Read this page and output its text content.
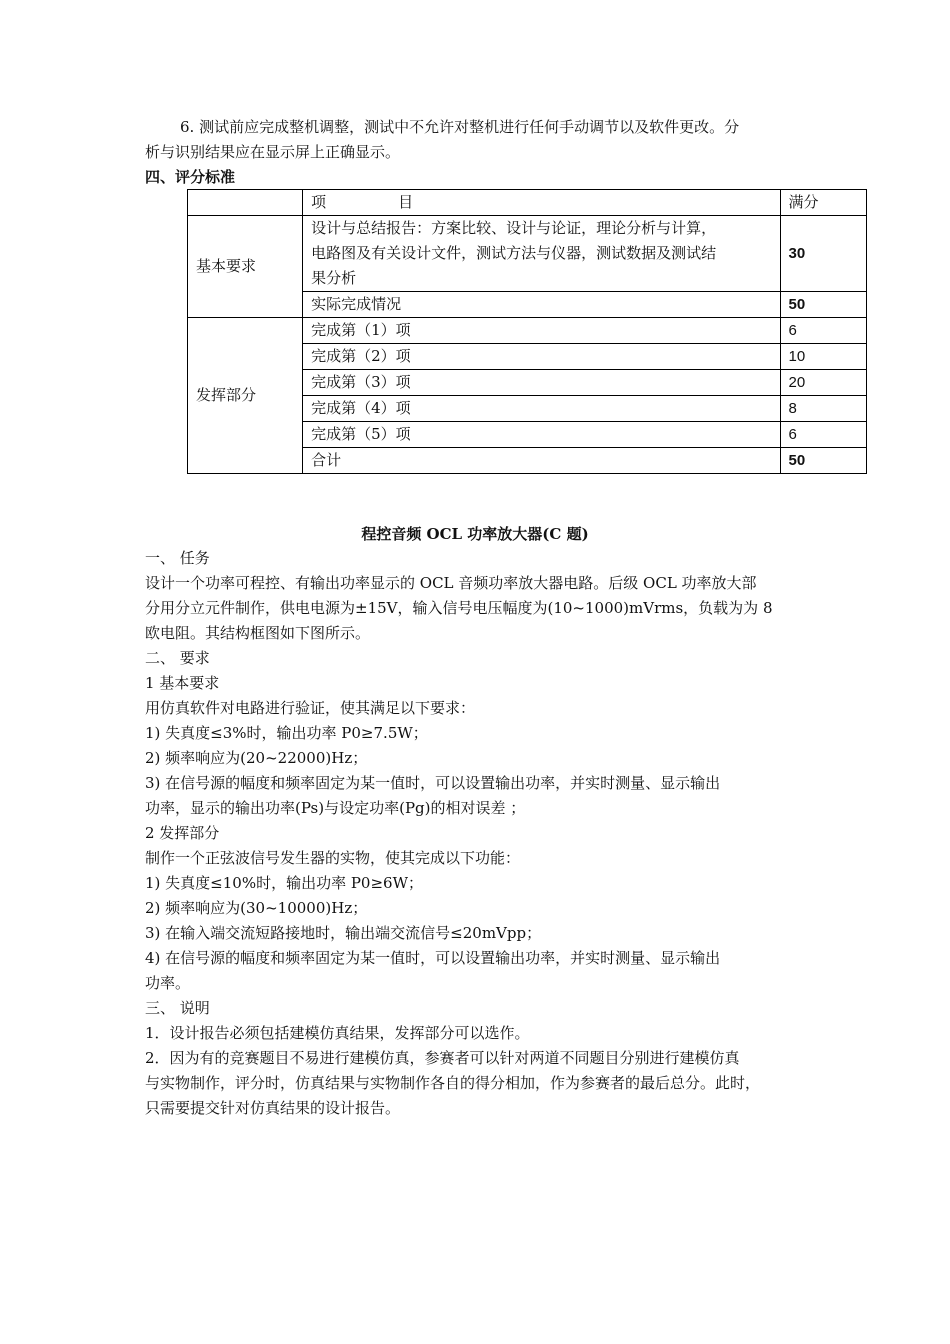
6. 测试前应完成整机调整，测试中不允许对整机进行任何手动调节以及软件更改。分
析与识别结果应在显示屏上正确显示。
四、评分标准
	项 目	满分
基本要求	设计与总结报告：方案比较、设计与论证，理论分析与计算，
电路图及有关设计文件，测试方法与仪器，测试数据及测试结
果分析	30
	实际完成情况	50
发挥部分	完成第（1）项	6
	完成第（2）项	10
	完成第（3）项	20
	完成第（4）项	8
	完成第（5）项	6
	合计	50
程控音频 OCL 功率放大器(C 题)
一、 任务
设计一个功率可程控、有输出功率显示的 OCL 音频功率放大器电路。后级 OCL 功率放大部
分用分立元件制作，供电电源为±15V，输入信号电压幅度为(10~1000)mVrms，负载为为 8
欧电阻。其结构框图如下图所示。
二、 要求
1 基本要求
用仿真软件对电路进行验证，使其满足以下要求：
1) 失真度≤3%时，输出功率 P0≥7.5W；
2) 频率响应为(20~22000)Hz；
3) 在信号源的幅度和频率固定为某一值时，可以设置输出功率，并实时测量、显示输出
功率，显示的输出功率(Ps)与设定功率(Pg)的相对误差 ；
2 发挥部分
制作一个正弦波信号发生器的实物，使其完成以下功能：
1) 失真度≤10%时，输出功率 P0≥6W；
2) 频率响应为(30~10000)Hz；
3) 在输入端交流短路接地时，输出端交流信号≤20mVpp；
4) 在信号源的幅度和频率固定为某一值时，可以设置输出功率，并实时测量、显示输出
功率。
三、 说明
1．设计报告必须包括建模仿真结果，发挥部分可以选作。
2．因为有的竞赛题目不易进行建模仿真，参赛者可以针对两道不同题目分别进行建模仿真
与实物制作，评分时，仿真结果与实物制作各自的得分相加，作为参赛者的最后总分。此时，
只需要提交针对仿真结果的设计报告。
